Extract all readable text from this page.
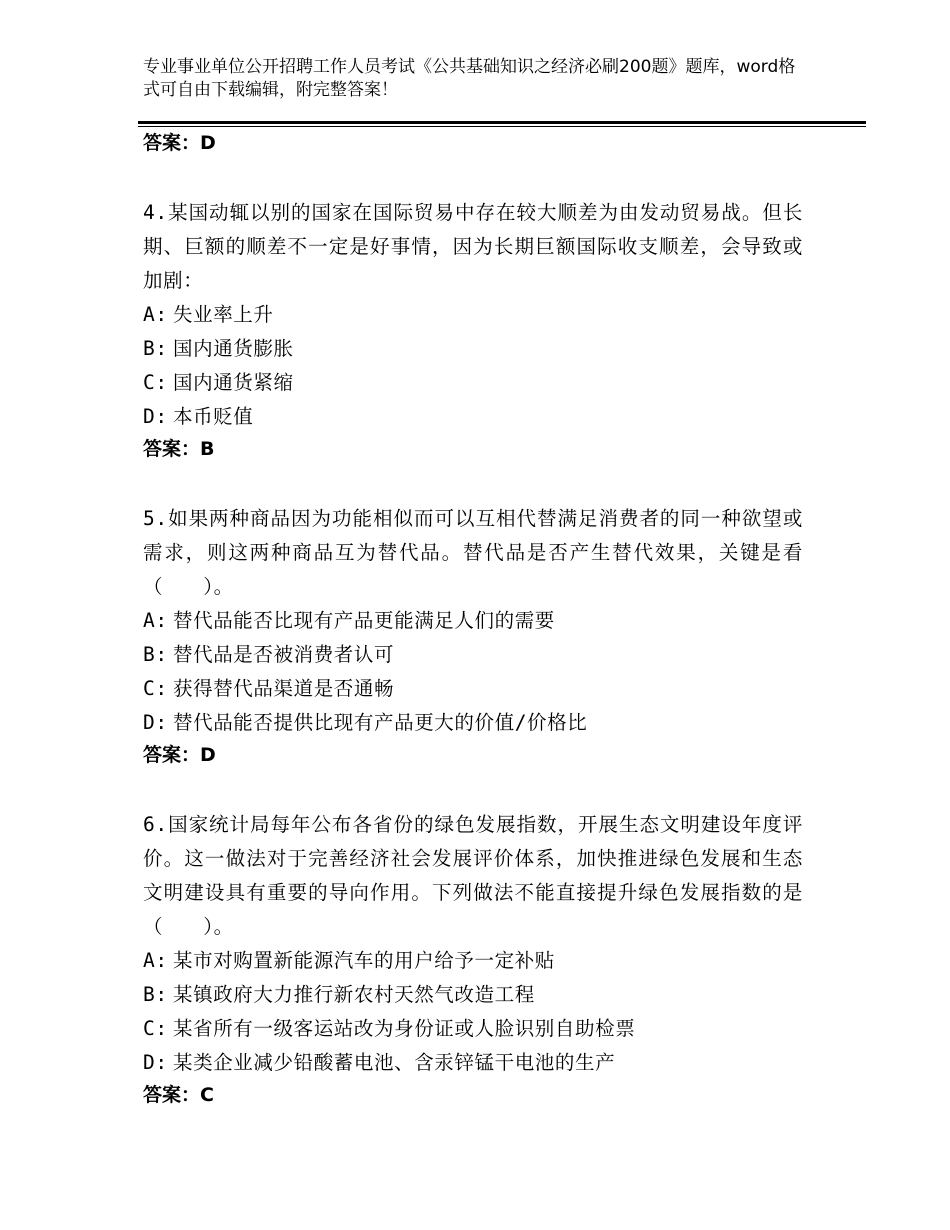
专业事业单位公开招聘工作人员考试《公共基础知识之经济必刷200题》题库，word格式可自由下载编辑，附完整答案！
答案：D
4.某国动辄以别的国家在国际贸易中存在较大顺差为由发动贸易战。但长期、巨额的顺差不一定是好事情，因为长期巨额国际收支顺差，会导致或加剧：
A: 失业率上升
B: 国内通货膨胀
C: 国内通货紧缩
D: 本币贬值
答案：B
5.如果两种商品因为功能相似而可以互相代替满足消费者的同一种欲望或需求，则这两种商品互为替代品。替代品是否产生替代效果，关键是看（　　）。
A: 替代品能否比现有产品更能满足人们的需要
B: 替代品是否被消费者认可
C: 获得替代品渠道是否通畅
D: 替代品能否提供比现有产品更大的价值/价格比
答案：D
6.国家统计局每年公布各省份的绿色发展指数，开展生态文明建设年度评价。这一做法对于完善经济社会发展评价体系，加快推进绿色发展和生态文明建设具有重要的导向作用。下列做法不能直接提升绿色发展指数的是（　　）。
A: 某市对购置新能源汽车的用户给予一定补贴
B: 某镇政府大力推行新农村天然气改造工程
C: 某省所有一级客运站改为身份证或人脸识别自助检票
D: 某类企业减少铅酸蓄电池、含汞锌锰干电池的生产
答案：C
